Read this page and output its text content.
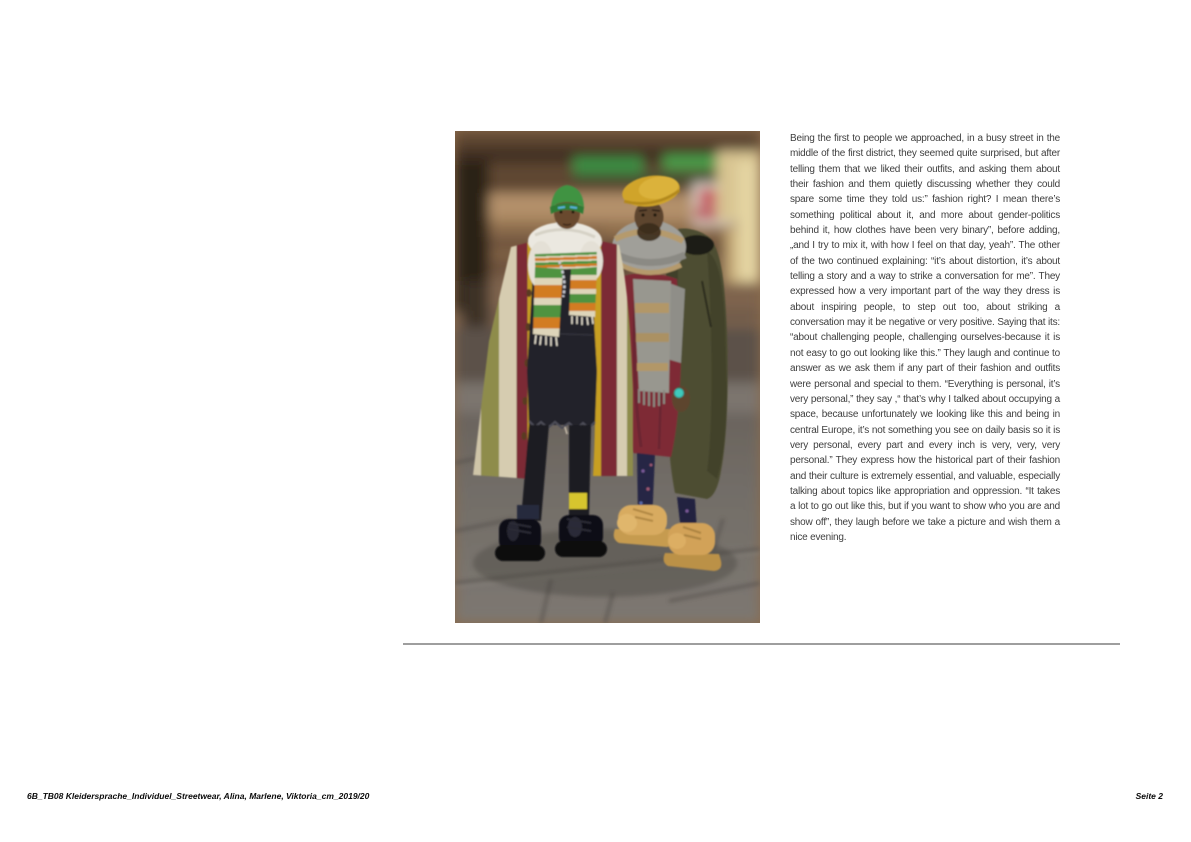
Being the first to people we approached, in a busy street in the middle of the first district, they seemed quite surprised, but after telling them that we liked their outfits, and asking them about their fashion and them quietly discussing whether they could spare some time they told us:” fashion right? I mean there’s something political about it, and more about gender-politics behind it, how clothes have been very binary”, before adding, „and I try to mix it, with how I feel on that day, yeah”. The other of the two continued explaining: “it’s about distortion, it’s about telling a story and a way to strike a conversation for me”. They expressed how a very important part of the way they dress is about inspiring people, to step out too, about striking a conversation may it be negative or very positive. Saying that its: “about challenging people, challenging ourselves-because it is not easy to go out looking like this.” They laugh and continue to answer as we ask them if any part of their fashion and outfits were personal and special to them. “Everything is personal, it’s very personal,” they say ,“ that’s why I talked about occupying a space, because unfortunately we looking like this and being in central Europe, it’s not something you see on daily basis so it is very personal, every part and every inch is very, very, very personal.” They express how the historical part of their fashion and their culture is extremely essential, and valuable, especially talking about topics like appropriation and oppression. “It takes a lot to go out like this, but if you want to show who you are and show off”, they laugh before we take a picture and wish them a nice evening.
6B_TB08 Kleidersprache_Individuel_Streetwear, Alina, Marlene, Viktoria_cm_2019/20	Seite 2
